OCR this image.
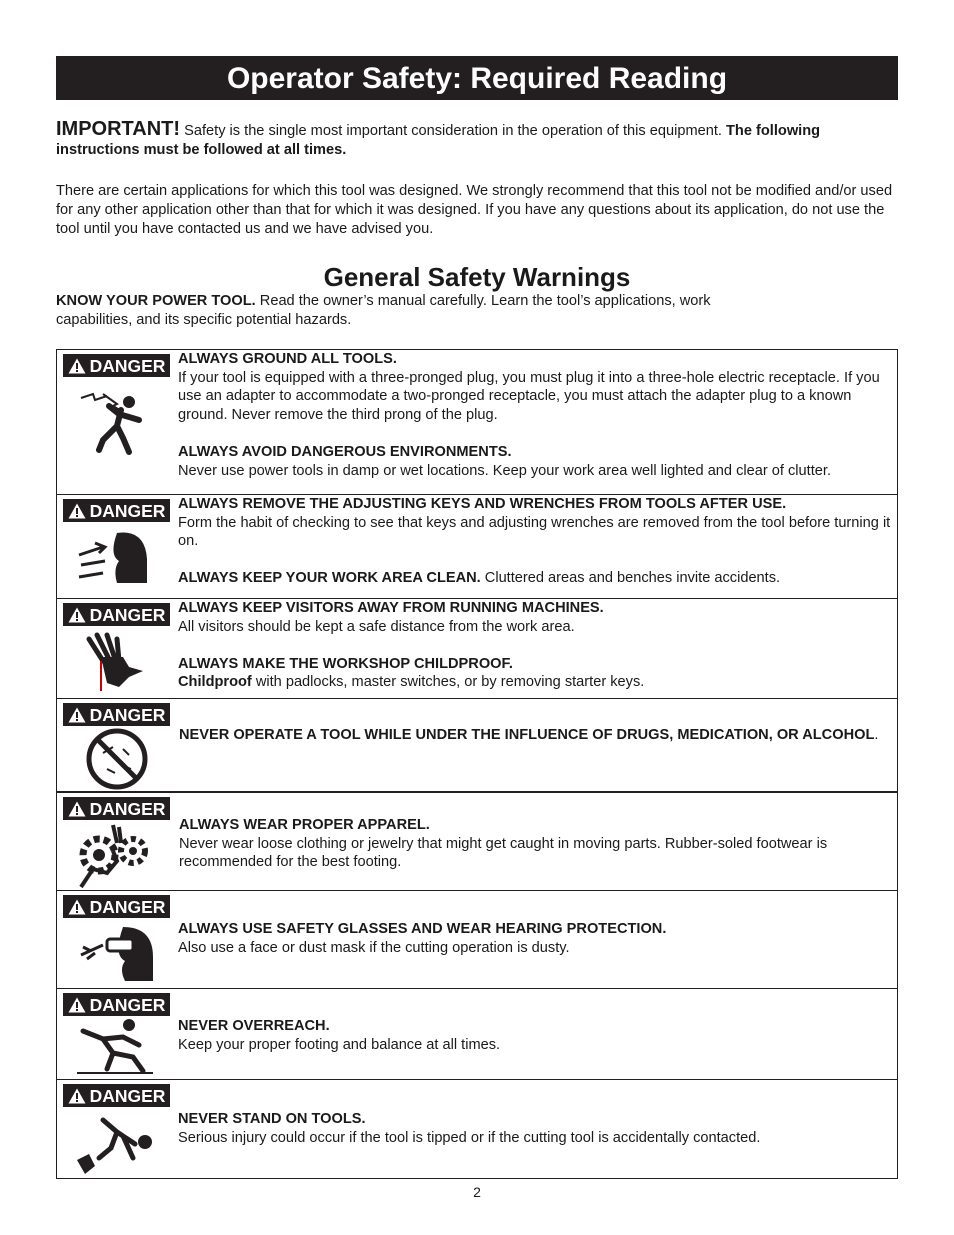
Operator Safety: Required Reading
IMPORTANT! Safety is the single most important consideration in the operation of this equipment. The following instructions must be followed at all times.
There are certain applications for which this tool was designed. We strongly recommend that this tool not be modified and/or used for any other application other than that for which it was designed. If you have any questions about its application, do not use the tool until you have contacted us and we have advised you.
General Safety Warnings
KNOW YOUR POWER TOOL. Read the owner’s manual carefully. Learn the tool’s applications, work capabilities, and its specific potential hazards.
DANGER ALWAYS GROUND ALL TOOLS.
If your tool is equipped with a three-pronged plug, you must plug it into a three-hole electric receptacle. If you use an adapter to accommodate a two-pronged receptacle, you must attach the adapter plug to a known ground. Never remove the third prong of the plug.
ALWAYS AVOID DANGEROUS ENVIRONMENTS.
Never use power tools in damp or wet locations. Keep your work area well lighted and clear of clutter.
DANGER ALWAYS REMOVE THE ADJUSTING KEYS AND WRENCHES FROM TOOLS AFTER USE.
Form the habit of checking to see that keys and adjusting wrenches are removed from the tool before turning it on.
ALWAYS KEEP YOUR WORK AREA CLEAN. Cluttered areas and benches invite accidents.
DANGER ALWAYS KEEP VISITORS AWAY FROM RUNNING MACHINES.
All visitors should be kept a safe distance from the work area.
ALWAYS MAKE THE WORKSHOP CHILDPROOF.
Childproof with padlocks, master switches, or by removing starter keys.
DANGER
NEVER OPERATE A TOOL WHILE UNDER THE INFLUENCE OF DRUGS, MEDICATION, OR ALCOHOL.
DANGER
ALWAYS WEAR PROPER APPAREL.
Never wear loose clothing or jewelry that might get caught in moving parts. Rubber-soled footwear is recommended for the best footing.
DANGER
ALWAYS USE SAFETY GLASSES AND WEAR HEARING PROTECTION.
Also use a face or dust mask if the cutting operation is dusty.
DANGER
NEVER OVERREACH.
Keep your proper footing and balance at all times.
DANGER
NEVER STAND ON TOOLS.
Serious injury could occur if the tool is tipped or if the cutting tool is accidentally contacted.
2
